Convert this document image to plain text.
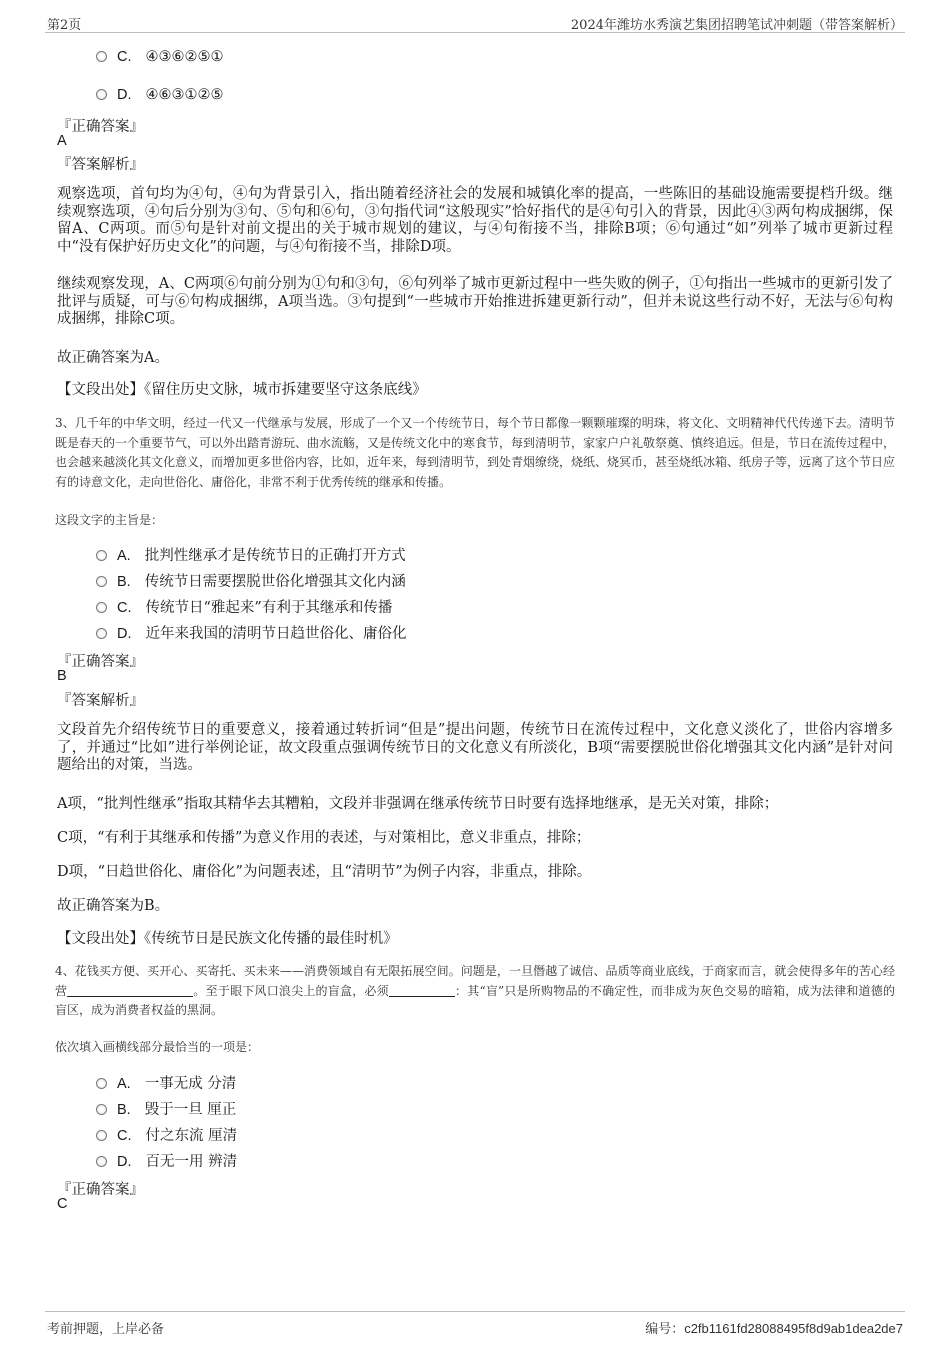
第2页	2024年潍坊水秀演艺集团招聘笔试冲刺题（带答案解析）
C. ④③⑥②⑤①
D. ④⑥③①②⑤
『正确答案』
A
『答案解析』
观察选项，首句均为④句，④句为背景引入，指出随着经济社会的发展和城镇化率的提高，一些陈旧的基础设施需要提档升级。继续观察选项，④句后分别为③句、⑤句和⑥句，③句指代词“这般现实”恰好指代的是④句引入的背景，因此④③两句构成捆绑，保留A、C两项。而⑤句是针对前文提出的关于城市规划的建议，与④句衔接不当，排除B项；⑥句通过“如”列举了城市更新过程中“没有保护好历史文化”的问题，与④句衔接不当，排除D项。
继续观察发现，A、C两项⑥句前分别为①句和③句，⑥句列举了城市更新过程中一些失败的例子，①句指出一些城市的更新引发了批评与质疑，可与⑥句构成捆绑，A项当选。③句提到“一些城市开始推进拆建更新行动”，但并未说这些行动不好，无法与⑥句构成捆绑，排除C项。
故正确答案为A。
【文段出处】《留住历史文脉，城市拆建要坚守这条底线》
3、几千年的中华文明，经过一代又一代继承与发展，形成了一个又一个传统节日，每个节日都像一颗颗璀璨的明珠，将文化、文明精神代代传递下去。清明节既是春天的一个重要节气，可以外出踏青游玩、曲水流觞，又是传统文化中的寒食节，每到清明节，家家户户礼敬祭奠、慎终追远。但是，节日在流传过程中，也会越来越淡化其文化意义，而增加更多世俗内容，比如，近年来，每到清明节，到处青烟缭绕，烧纸、烧冥币，甚至烧纸冰箱、纸房子等，远离了这个节日应有的诗意文化，走向世俗化、庸俗化，非常不利于优秀传统的继承和传播。
这段文字的主旨是：
A. 批判性继承才是传统节日的正确打开方式
B. 传统节日需要摆脱世俗化增强其文化内涵
C. 传统节日“雅起来”有利于其继承和传播
D. 近年来我国的清明节日趋世俗化、庸俗化
『正确答案』
B
『答案解析』
文段首先介绍传统节日的重要意义，接着通过转折词“但是”提出问题，传统节日在流传过程中，文化意义淡化了，世俗内容增多了，并通过“比如”进行举例论证，故文段重点强调传统节日的文化意义有所淡化，B项“需要摆脱世俗化增强其文化内涵”是针对问题给出的对策，当选。
A项，“批判性继承”指取其精华去其糟粕，文段并非强调在继承传统节日时要有选择地继承，是无关对策，排除；
C项，“有利于其继承和传播”为意义作用的表述，与对策相比，意义非重点，排除；
D项，“日趋世俗化、庸俗化”为问题表述，且“清明节”为例子内容，非重点，排除。
故正确答案为B。
【文段出处】《传统节日是民族文化传播的最佳时机》
4、花钱买方便、买开心、买寄托、买未来——消费领域自有无限拓展空间。问题是，一旦僭越了诚信、品质等商业底线，于商家而言，就会使得多年的苦心经营	。至于眼下风口浪尖上的盲盒，必须	：其“盲”只是所购物品的不确定性，而非成为灰色交易的暗箱，成为法律和道德的盲区，成为消费者权益的黑洞。
依次填入画横线部分最恰当的一项是：
A. 一事无成 分清
B. 毁于一旦 厘正
C. 付之东流 厘清
D. 百无一用 辨清
『正确答案』
C
考前押题，上岸必备	编号：c2fb1161fd28088495f8d9ab1dea2de7
